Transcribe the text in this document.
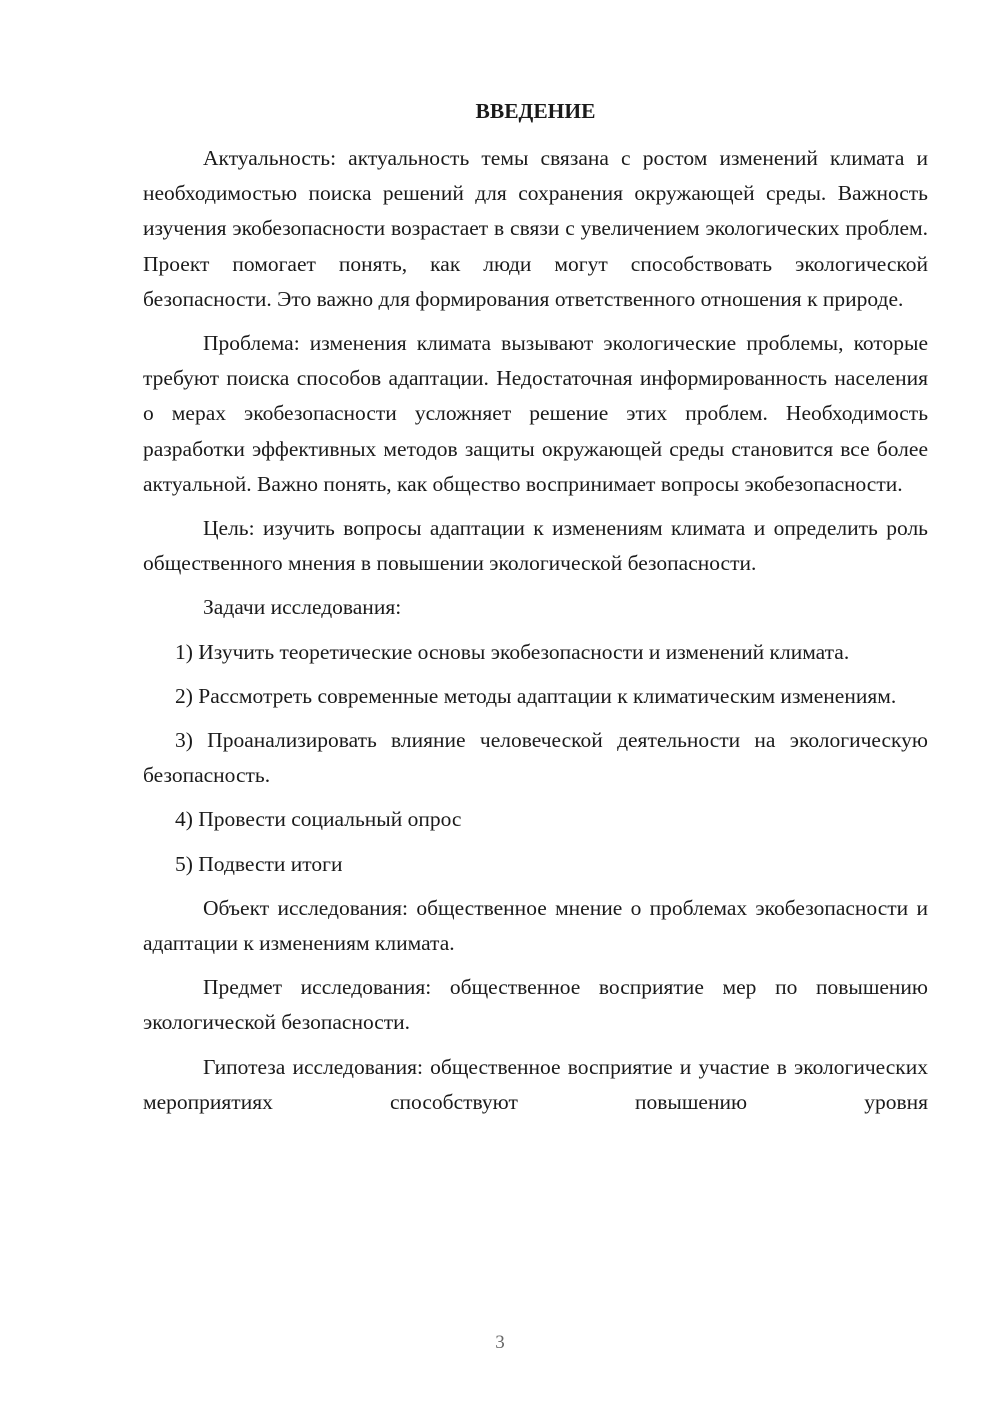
ВВЕДЕНИЕ

Актуальность: актуальность темы связана с ростом изменений климата и необходимостью поиска решений для сохранения окружающей среды. Важность изучения экобезопасности возрастает в связи с увеличением экологических проблем. Проект помогает понять, как люди могут способствовать экологической безопасности. Это важно для формирования ответственного отношения к природе.

Проблема: изменения климата вызывают экологические проблемы, которые требуют поиска способов адаптации. Недостаточная информированность населения о мерах экобезопасности усложняет решение этих проблем. Необходимость разработки эффективных методов защиты окружающей среды становится все более актуальной. Важно понять, как общество воспринимает вопросы экобезопасности.

Цель: изучить вопросы адаптации к изменениям климата и определить роль общественного мнения в повышении экологической безопасности.

Задачи исследования:

1) Изучить теоретические основы экобезопасности и изменений климата.

2) Рассмотреть современные методы адаптации к климатическим изменениям.

3) Проанализировать влияние человеческой деятельности на экологическую безопасность.

4) Провести социальный опрос

5) Подвести итоги

Объект исследования: общественное мнение о проблемах экобезопасности и адаптации к изменениям климата.

Предмет исследования: общественное восприятие мер по повышению экологической безопасности.

Гипотеза исследования: общественное восприятие и участие в экологических мероприятиях способствуют повышению уровня

3
